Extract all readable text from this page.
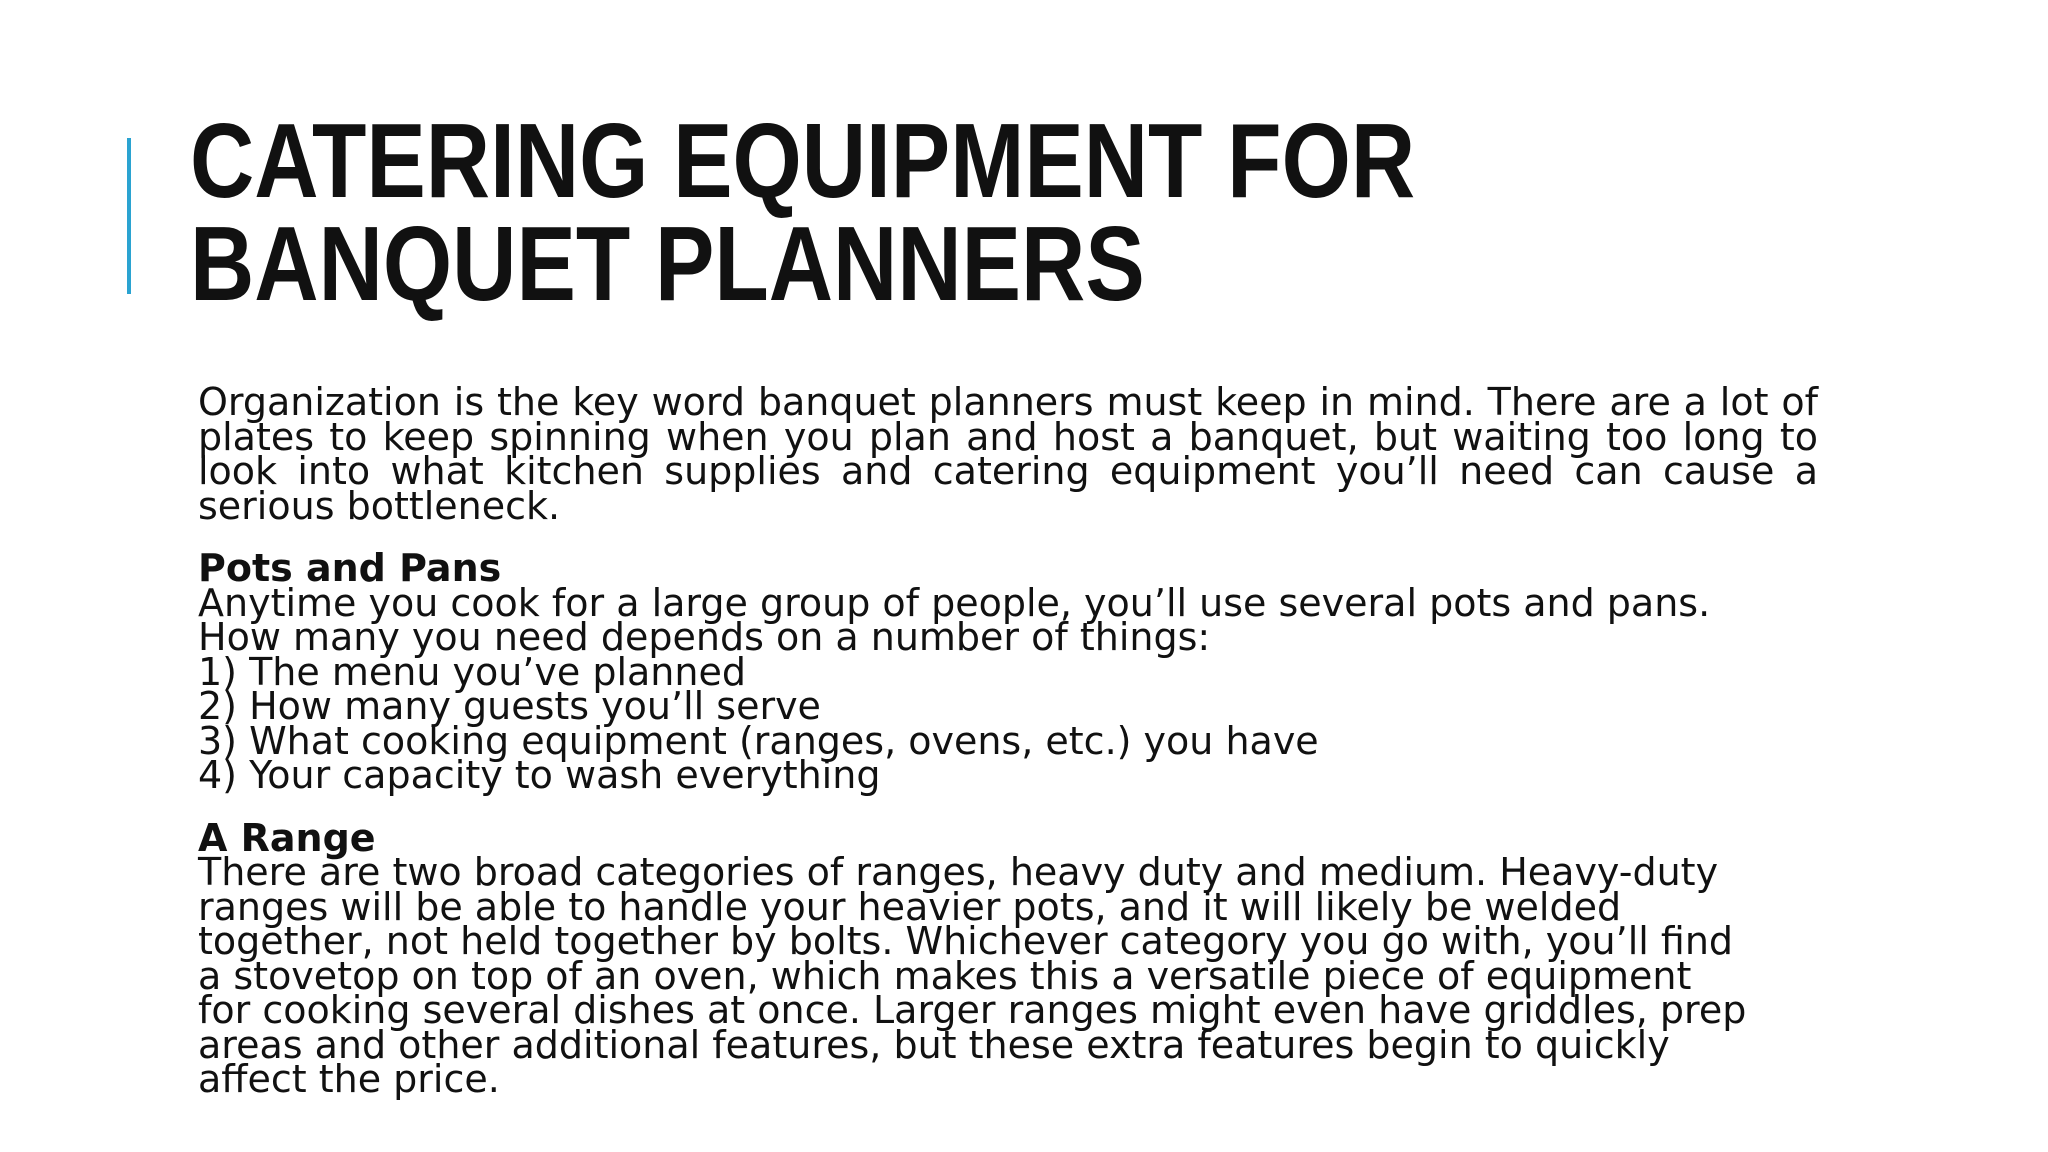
CATERING EQUIPMENT FOR
BANQUET PLANNERS

Organization is the key word banquet planners must keep in mind. There are a lot of plates to keep spinning when you plan and host a banquet, but waiting too long to look into what kitchen supplies and catering equipment you’ll need can cause a serious bottleneck.

Pots and Pans
Anytime you cook for a large group of people, you’ll use several pots and pans.
How many you need depends on a number of things:
1) The menu you’ve planned
2) How many guests you’ll serve
3) What cooking equipment (ranges, ovens, etc.) you have
4) Your capacity to wash everything

A Range
There are two broad categories of ranges, heavy duty and medium. Heavy-duty
ranges will be able to handle your heavier pots, and it will likely be welded
together, not held together by bolts. Whichever category you go with, you’ll find
a stovetop on top of an oven, which makes this a versatile piece of equipment
for cooking several dishes at once. Larger ranges might even have griddles, prep
areas and other additional features, but these extra features begin to quickly
affect the price.
